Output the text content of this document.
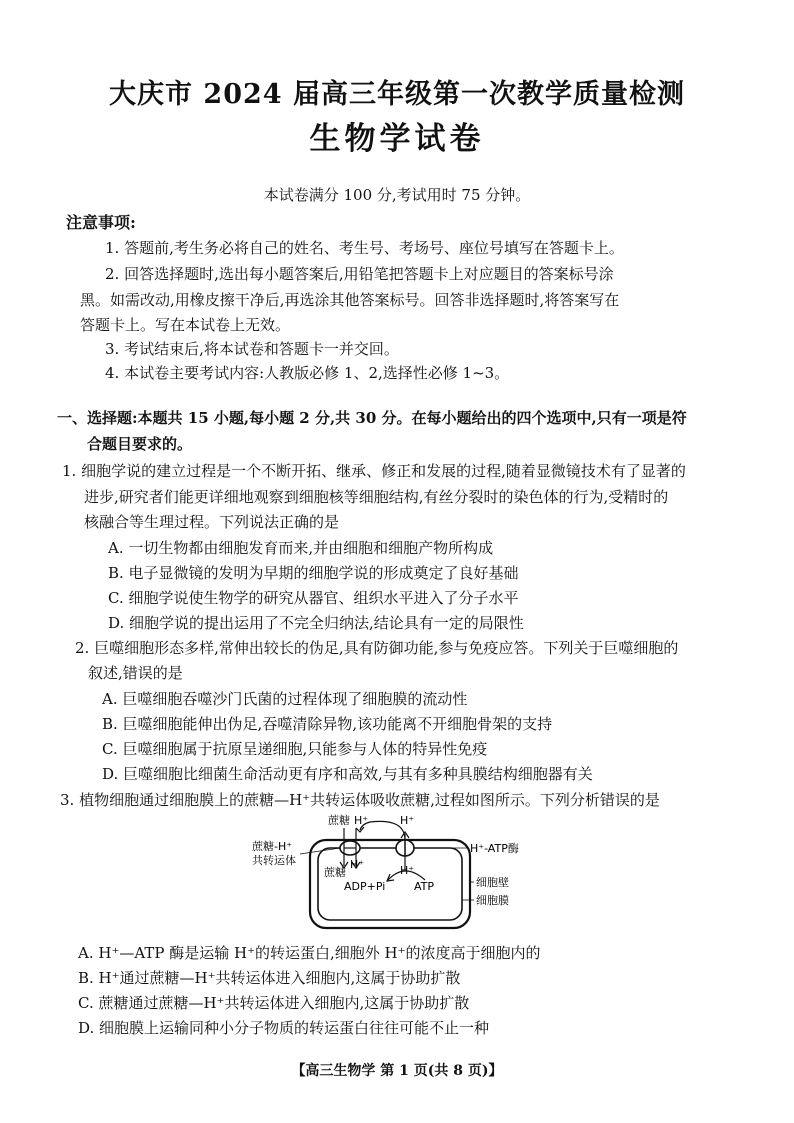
大庆市 2024 届高三年级第一次教学质量检测
生物学试卷
本试卷满分 100 分,考试用时 75 分钟。
注意事项:
1. 答题前,考生务必将自己的姓名、考生号、考场号、座位号填写在答题卡上。
2. 回答选择题时,选出每小题答案后,用铅笔把答题卡上对应题目的答案标号涂
黑。如需改动,用橡皮擦干净后,再选涂其他答案标号。回答非选择题时,将答案写在
答题卡上。写在本试卷上无效。
3. 考试结束后,将本试卷和答题卡一并交回。
4. 本试卷主要考试内容:人教版必修 1、2,选择性必修 1~3。
一、选择题:本题共 15 小题,每小题 2 分,共 30 分。在每小题给出的四个选项中,只有一项是符
合题目要求的。
1. 细胞学说的建立过程是一个不断开拓、继承、修正和发展的过程,随着显微镜技术有了显著的
进步,研究者们能更详细地观察到细胞核等细胞结构,有丝分裂时的染色体的行为,受精时的
核融合等生理过程。下列说法正确的是
A. 一切生物都由细胞发育而来,并由细胞和细胞产物所构成
B. 电子显微镜的发明为早期的细胞学说的形成奠定了良好基础
C. 细胞学说使生物学的研究从器官、组织水平进入了分子水平
D. 细胞学说的提出运用了不完全归纳法,结论具有一定的局限性
2. 巨噬细胞形态多样,常伸出较长的伪足,具有防御功能,参与免疫应答。下列关于巨噬细胞的
叙述,错误的是
A. 巨噬细胞吞噬沙门氏菌的过程体现了细胞膜的流动性
B. 巨噬细胞能伸出伪足,吞噬清除异物,该功能离不开细胞骨架的支持
C. 巨噬细胞属于抗原呈递细胞,只能参与人体的特异性免疫
D. 巨噬细胞比细菌生命活动更有序和高效,与其有多种具膜结构细胞器有关
3. 植物细胞通过细胞膜上的蔗糖—H⁺共转运体吸收蔗糖,过程如图所示。下列分析错误的是
蔗糖 H⁺	H⁺
蔗糖-H⁺
共转运体
蔗糖
H⁺	H⁺
ADP+Pi	ATP
H⁺-ATP酶
细胞壁
细胞膜
A. H⁺—ATP 酶是运输 H⁺的转运蛋白,细胞外 H⁺的浓度高于细胞内的
B. H⁺通过蔗糖—H⁺共转运体进入细胞内,这属于协助扩散
C. 蔗糖通过蔗糖—H⁺共转运体进入细胞内,这属于协助扩散
D. 细胞膜上运输同种小分子物质的转运蛋白往往可能不止一种
【高三生物学 第 1 页(共 8 页)】
